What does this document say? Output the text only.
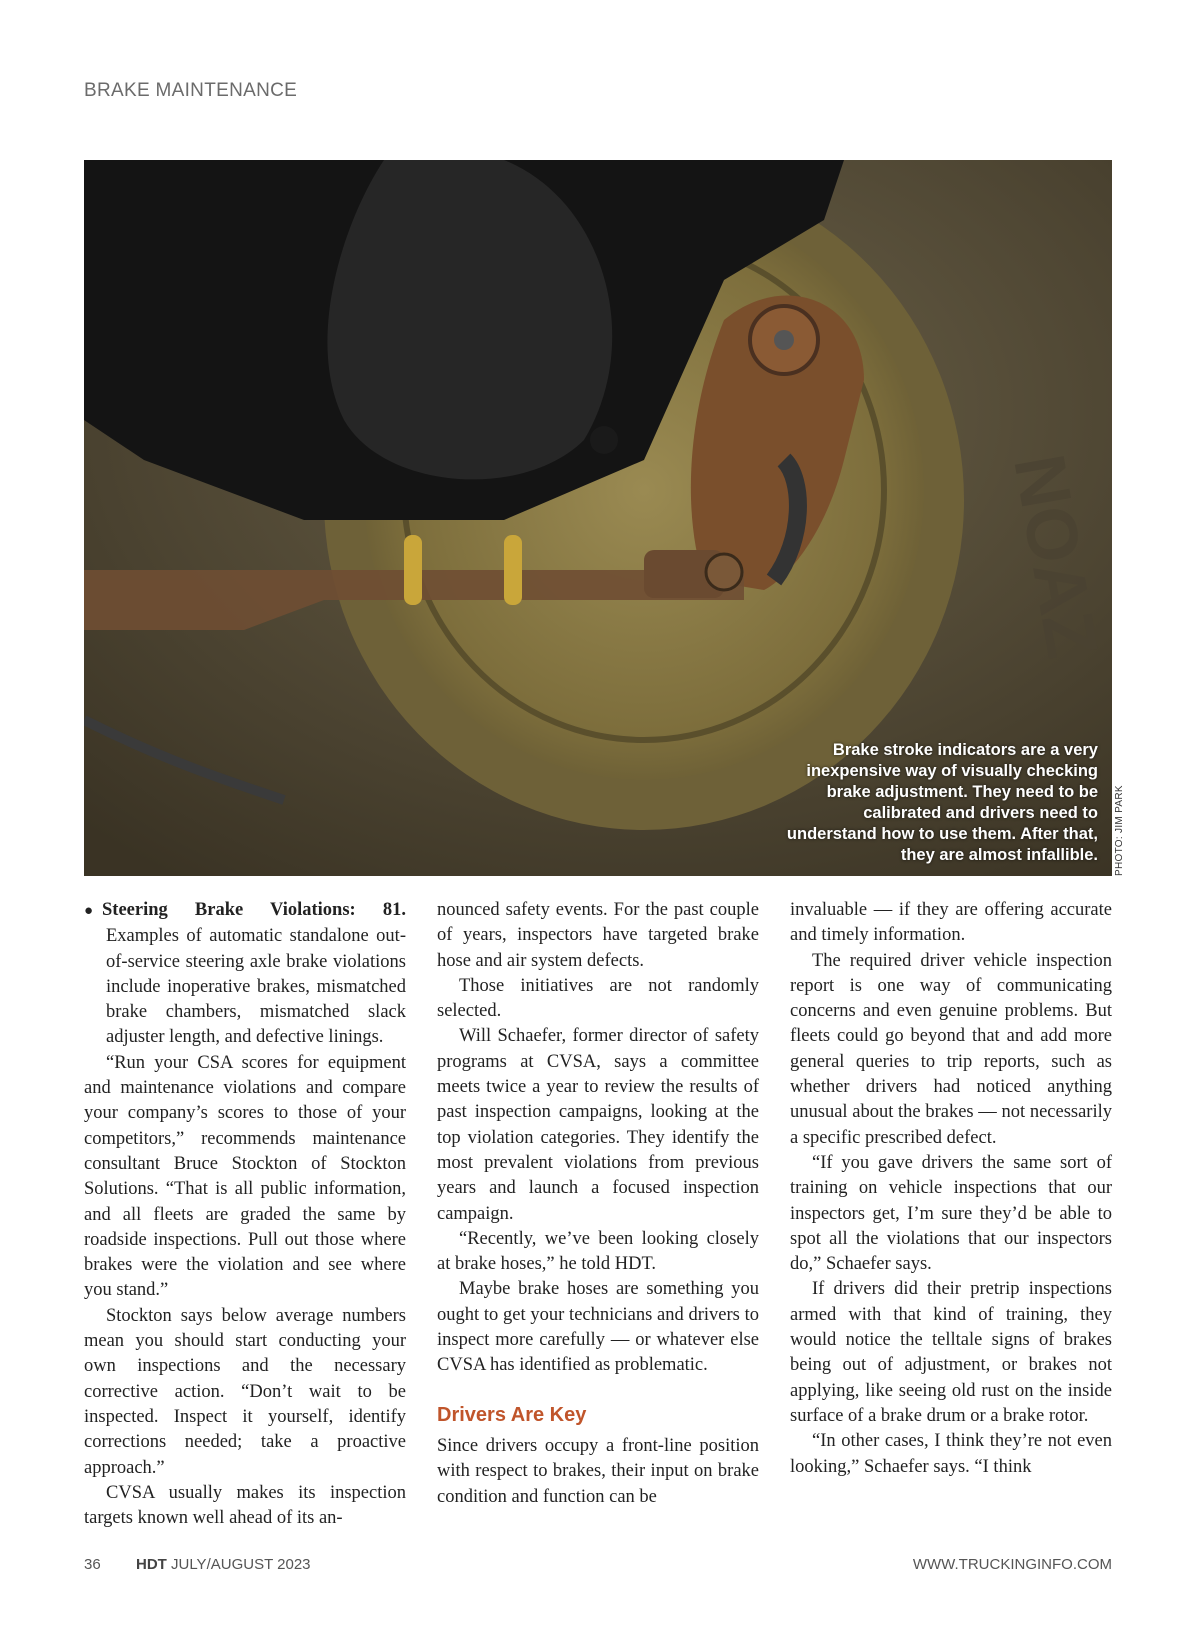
BRAKE MAINTENANCE
NOAZ
Brake stroke indicators are a very inexpensive way of visually checking brake adjustment. They need to be calibrated and drivers need to understand how to use them. After that, they are almost infallible. PHOTO: JIM PARK

● Steering Brake Violations: 81. Examples of automatic standalone out-of-service steering axle brake violations include inoperative brakes, mismatched brake chambers, mismatched slack adjuster length, and defective linings.

“Run your CSA scores for equipment and maintenance violations and compare your company’s scores to those of your competitors,” recommends maintenance consultant Bruce Stockton of Stockton Solutions. “That is all public information, and all fleets are graded the same by roadside inspections. Pull out those where brakes were the violation and see where you stand.”

Stockton says below average numbers mean you should start conducting your own inspections and the necessary corrective action. “Don’t wait to be inspected. Inspect it yourself, identify corrections needed; take a proactive approach.”

CVSA usually makes its inspection targets known well ahead of its an-

nounced safety events. For the past couple of years, inspectors have targeted brake hose and air system defects.

Those initiatives are not randomly selected.

Will Schaefer, former director of safety programs at CVSA, says a committee meets twice a year to review the results of past inspection campaigns, looking at the top violation categories. They identify the most prevalent violations from previous years and launch a focused inspection campaign.

“Recently, we’ve been looking closely at brake hoses,” he told HDT.

Maybe brake hoses are something you ought to get your technicians and drivers to inspect more carefully — or whatever else CVSA has identified as problematic.

Drivers Are Key

Since drivers occupy a front-line position with respect to brakes, their input on brake condition and function can be

invaluable — if they are offering accurate and timely information.

The required driver vehicle inspection report is one way of communicating concerns and even genuine problems. But fleets could go beyond that and add more general queries to trip reports, such as whether drivers had noticed anything unusual about the brakes — not necessarily a specific prescribed defect.

“If you gave drivers the same sort of training on vehicle inspections that our inspectors get, I’m sure they’d be able to spot all the violations that our inspectors do,” Schaefer says.

If drivers did their pretrip inspections armed with that kind of training, they would notice the telltale signs of brakes being out of adjustment, or brakes not applying, like seeing old rust on the inside surface of a brake drum or a brake rotor.

“In other cases, I think they’re not even looking,” Schaefer says. “I think

36 HDT JULY/AUGUST 2023	WWW.TRUCKINGINFO.COM
